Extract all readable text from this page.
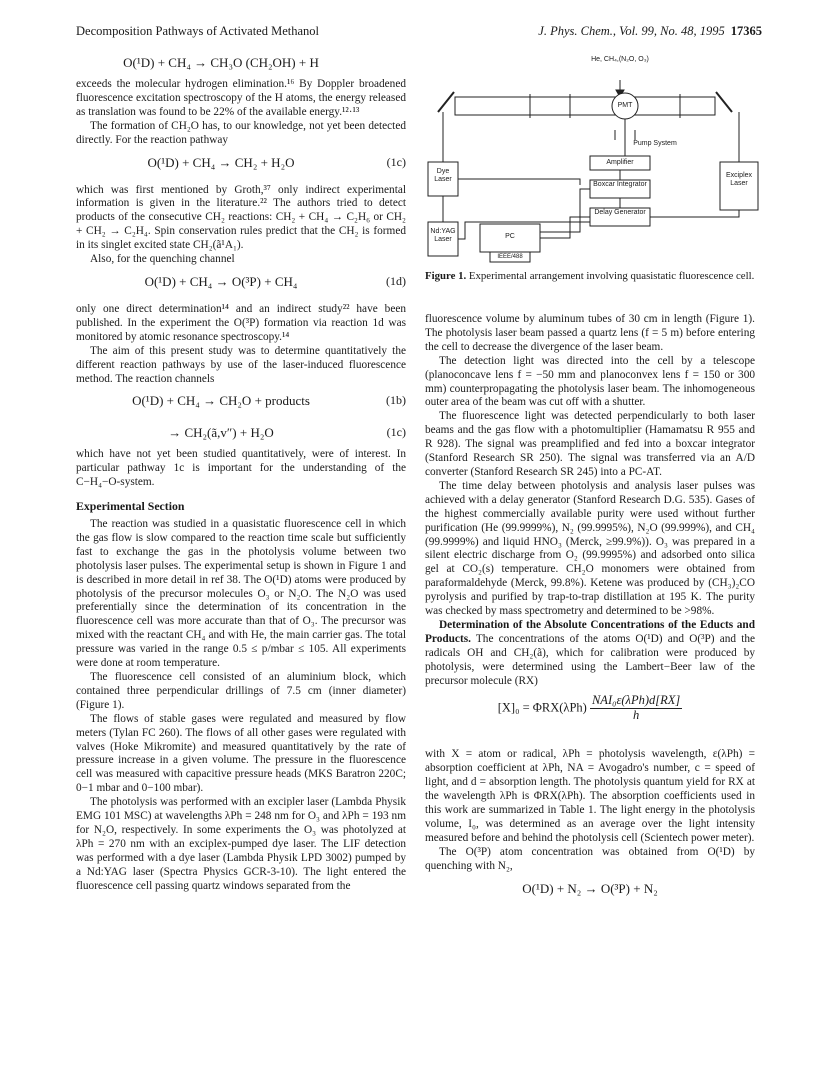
Decomposition Pathways of Activated Methanol	J. Phys. Chem., Vol. 99, No. 48, 1995 17365
O(¹D) + CH₄ → CH₃O (CH₂OH) + H

exceeds the molecular hydrogen elimination.¹⁶ By Doppler broadened fluorescence excitation spectroscopy of the H atoms, the energy released as translation was found to be 22% of the available energy.¹²·¹³

The formation of CH₂O has, to our knowledge, not yet been detected directly. For the reaction pathway

O(¹D) + CH₄ → CH₂ + H₂O	(1c)

which was first mentioned by Groth,³⁷ only indirect experimental information is given in the literature.²² The authors tried to detect products of the consecutive CH₂ reactions: CH₂ + CH₄ → C₂H₆ or CH₂ + CH₂ → C₂H₄. Spin conservation rules predict that the CH₂ is formed in its singlet excited state CH₂(ã¹A₁).

Also, for the quenching channel

O(¹D) + CH₄ → O(³P) + CH₄	(1d)

only one direct determination¹⁴ and an indirect study²² have been published. In the experiment the O(³P) formation via reaction 1d was monitored by atomic resonance spectroscopy.¹⁴

The aim of this present study was to determine quantitatively the different reaction pathways by use of the laser-induced fluorescence method. The reaction channels

O(¹D) + CH₄ → CH₂O + products	(1b)
→ CH₂(ã,v″) + H₂O	(1c)

which have not yet been studied quantitatively, were of interest. In particular pathway 1c is important for the understanding of the C−H₄−O-system.

Experimental Section

The reaction was studied in a quasistatic fluorescence cell in which the gas flow is slow compared to the reaction time scale but sufficiently fast to exchange the gas in the photolysis volume between two photolysis laser pulses. The experimental setup is shown in Figure 1 and is described in more detail in ref 38. The O(¹D) atoms were produced by photolysis of the precursor molecules O₃ or N₂O. The N₂O was used preferentially since the determination of its concentration in the fluorescence cell was more accurate than that of O₃. The precursor was mixed with the reactant CH₄ and with He, the main carrier gas. The total pressure was varied in the range 0.5 ≤ p/mbar ≤ 105. All experiments were done at room temperature.

The fluorescence cell consisted of an aluminium block, which contained three perpendicular drillings of 7.5 cm (inner diameter) (Figure 1).

The flows of stable gases were regulated and measured by flow meters (Tylan FC 260). The flows of all other gases were regulated with valves (Hoke Mikromite) and measured quantitatively by the rate of pressure increase in a given volume. The pressure in the fluorescence cell was measured with capacitive pressure heads (MKS Baratron 220C; 0−1 mbar and 0−100 mbar).

The photolysis was performed with an excipler laser (Lambda Physik EMG 101 MSC) at wavelengths λPh = 248 nm for O₃ and λPh = 193 nm for N₂O, respectively. In some experiments the O₃ was photolyzed at λPh = 270 nm with an exciplex-pumped dye laser. The LIF detection was performed with a dye laser (Lambda Physik LPD 3002) pumped by a Nd:YAG laser (Spectra Physics GCR-3-10). The light entered the fluorescence cell passing quartz windows separated from the

He, CH₄,(N₂O, O₃)
PMT
Pump System
Amplifier
Dye Laser
Boxcar Integrator
Delay Generator
Nd:YAG Laser	PC
IEEE/488
Exciplex Laser
Figure 1. Experimental arrangement involving quasistatic fluorescence cell.

fluorescence volume by aluminum tubes of 30 cm in length (Figure 1). The photolysis laser beam passed a quartz lens (f = 5 m) before entering the cell to decrease the divergence of the laser beam.

The detection light was directed into the cell by a telescope (planoconcave lens f = −50 mm and planoconvex lens f = 150 or 300 mm) counterpropagating the photolysis laser beam. The inhomogeneous outer area of the beam was cut off with a shutter.

The fluorescence light was detected perpendicularly to both laser beams and the gas flow with a photomultiplier (Hamamatsu R 955 and R 928). The signal was preamplified and fed into a boxcar integrator (Stanford Research SR 250). The signal was transferred via an A/D converter (Stanford Research SR 245) into a PC-AT.

The time delay between photolysis and analysis laser pulses was achieved with a delay generator (Stanford Research D.G. 535). Gases of the highest commercially available purity were used without further purification (He (99.9999%), N₂ (99.9995%), N₂O (99.999%), and CH₄ (99.9999%) and liquid HNO₃ (Merck, ≥99.9%)). O₃ was prepared in a silent electric discharge from O₂ (99.9995%) and adsorbed onto silica gel at CO₂(s) temperature. CH₂O monomers were obtained from paraformaldehyde (Merck, 99.8%). Ketene was produced by (CH₃)₂CO pyrolysis and purified by trap-to-trap distillation at 195 K. The purity was checked by mass spectrometry and determined to be >98%.

Determination of the Absolute Concentrations of the Educts and Products. The concentrations of the atoms O(¹D) and O(³P) and the radicals OH and CH₂(ã), which for calibration were produced by photolysis, were determined using the Lambert−Beer law of the precursor molecule (RX)

$[X]_0 = \Phi RX(\lambda Ph) \frac{\text{NAI₀ε(λPh)d[RX]}}{h}$

with X = atom or radical, λPh = photolysis wavelength, ε(λPh) = absorption coefficient at λPh, NA = Avogadro's number, c = speed of light, and d = absorption length. The photolysis quantum yield for RX at the wavelength λPh is ΦRX(λPh). The absorption coefficients used in this work are summarized in Table 1. The light energy in the photolysis volume, I₀, was determined as an average over the light intensity measured before and behind the photolysis cell (Scientech power meter).

The O(³P) atom concentration was obtained from O(¹D) by quenching with N₂,

O(¹D) + N₂ → O(³P) + N₂
